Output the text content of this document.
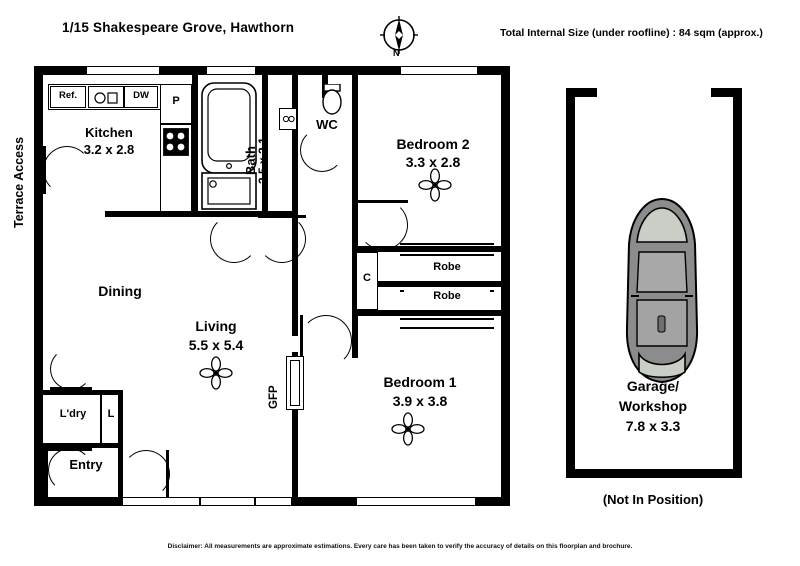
1/15 Shakespeare Grove, Hawthorn	Total Internal Size (under roofline) : 84 sqm (approx.)
N
Ref.	DW	P
Kitchen
3.2 x 2.8
Terrace Access	Bath
2.5 x 2.1
WC
Bedroom 2
3.3 x 2.8
Robe
Robe
C
Dining
Living
5.5 x 5.4
GFP
Bedroom 1
3.9 x 3.8
L'dry	L
Entry
Garage/
Workshop
7.8 x 3.3
(Not In Position)
Disclaimer: All measurements are approximate estimations. Every care has been taken to verify the accuracy of details on this floorplan and brochure.
